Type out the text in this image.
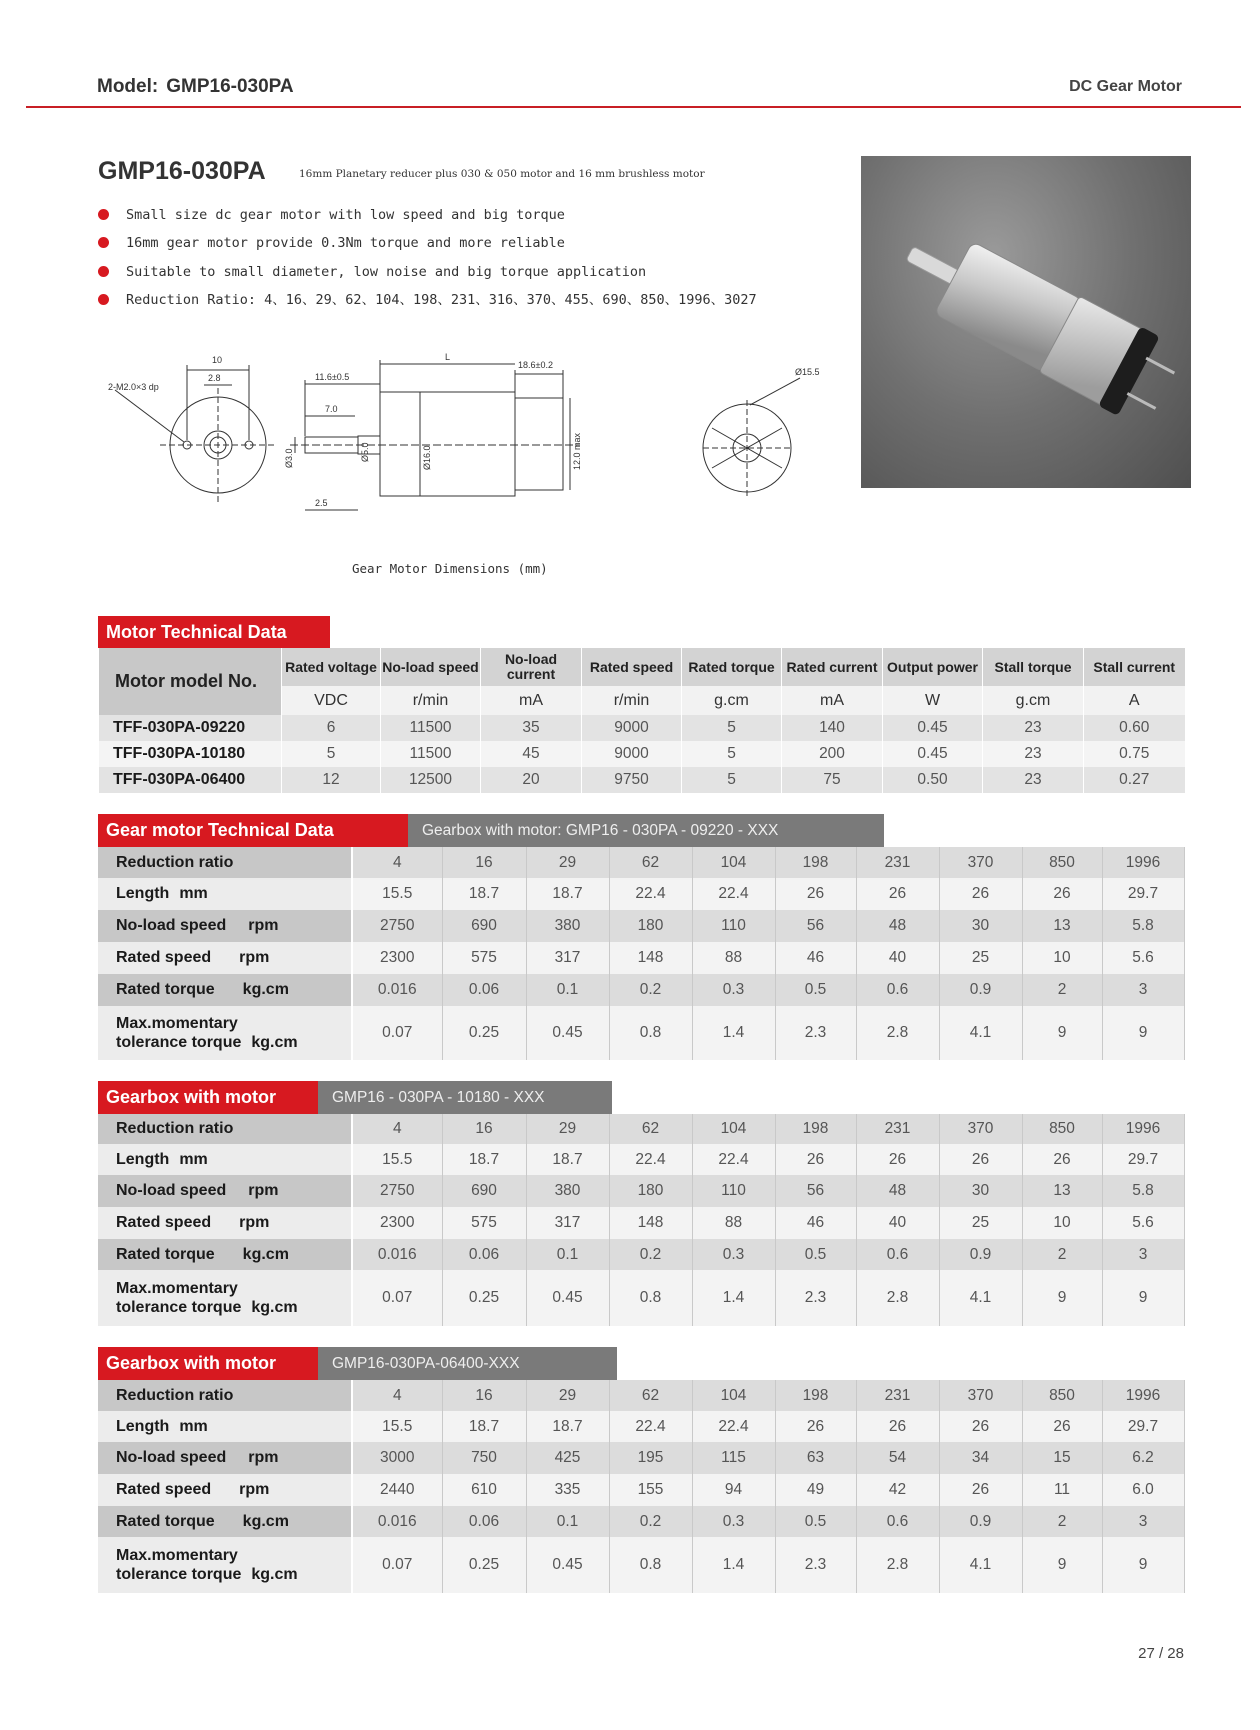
Model: GMP16-030PA	DC Gear Motor
GMP16-030PA	16mm Planetary reducer plus 030 & 050 motor and 16 mm brushless motor
Small size dc gear motor with low speed and big torque
16mm gear motor provide 0.3Nm torque and more reliable
Suitable to small diameter, low noise and big torque application
Reduction Ratio: 4、16、29、62、104、198、231、316、370、455、690、850、1996、3027
10
2.8
2-M2.0×3 dp
11.6±0.5
7.0
L
18.6±0.2
2.5
Ø3.0	Ø5.0	Ø16.0	12.0 max
Ø15.5
Gear Motor Dimensions (mm)
Motor Technical Data
Motor model No.	Rated voltage	No-load speed	No-load current	Rated speed	Rated torque	Rated current	Output power	Stall torque	Stall current
	VDC	r/min	mA	r/min	g.cm	mA	W	g.cm	A
TFF-030PA-09220	6	11500	35	9000	5	140	0.45	23	0.60
TFF-030PA-10180	5	11500	45	9000	5	200	0.45	23	0.75
TFF-030PA-06400	12	12500	20	9750	5	75	0.50	23	0.27
Gear motor Technical Data	Gearbox with motor: GMP16 - 030PA - 09220 - XXX
Reduction ratio	4	16	29	62	104	198	231	370	850	1996
Length mm	15.5	18.7	18.7	22.4	22.4	26	26	26	26	29.7
No-load speed rpm	2750	690	380	180	110	56	48	30	13	5.8
Rated speed rpm	2300	575	317	148	88	46	40	25	10	5.6
Rated torque kg.cm	0.016	0.06	0.1	0.2	0.3	0.5	0.6	0.9	2	3
Max.momentary
tolerance torque kg.cm	0.07	0.25	0.45	0.8	1.4	2.3	2.8	4.1	9	9
Gearbox with motor	GMP16 - 030PA - 10180 - XXX
Reduction ratio	4	16	29	62	104	198	231	370	850	1996
Length mm	15.5	18.7	18.7	22.4	22.4	26	26	26	26	29.7
No-load speed rpm	2750	690	380	180	110	56	48	30	13	5.8
Rated speed rpm	2300	575	317	148	88	46	40	25	10	5.6
Rated torque kg.cm	0.016	0.06	0.1	0.2	0.3	0.5	0.6	0.9	2	3
Max.momentary
tolerance torque kg.cm	0.07	0.25	0.45	0.8	1.4	2.3	2.8	4.1	9	9
Gearbox with motor	GMP16-030PA-06400-XXX
Reduction ratio	4	16	29	62	104	198	231	370	850	1996
Length mm	15.5	18.7	18.7	22.4	22.4	26	26	26	26	29.7
No-load speed rpm	3000	750	425	195	115	63	54	34	15	6.2
Rated speed rpm	2440	610	335	155	94	49	42	26	11	6.0
Rated torque kg.cm	0.016	0.06	0.1	0.2	0.3	0.5	0.6	0.9	2	3
Max.momentary
tolerance torque kg.cm	0.07	0.25	0.45	0.8	1.4	2.3	2.8	4.1	9	9
27 / 28
